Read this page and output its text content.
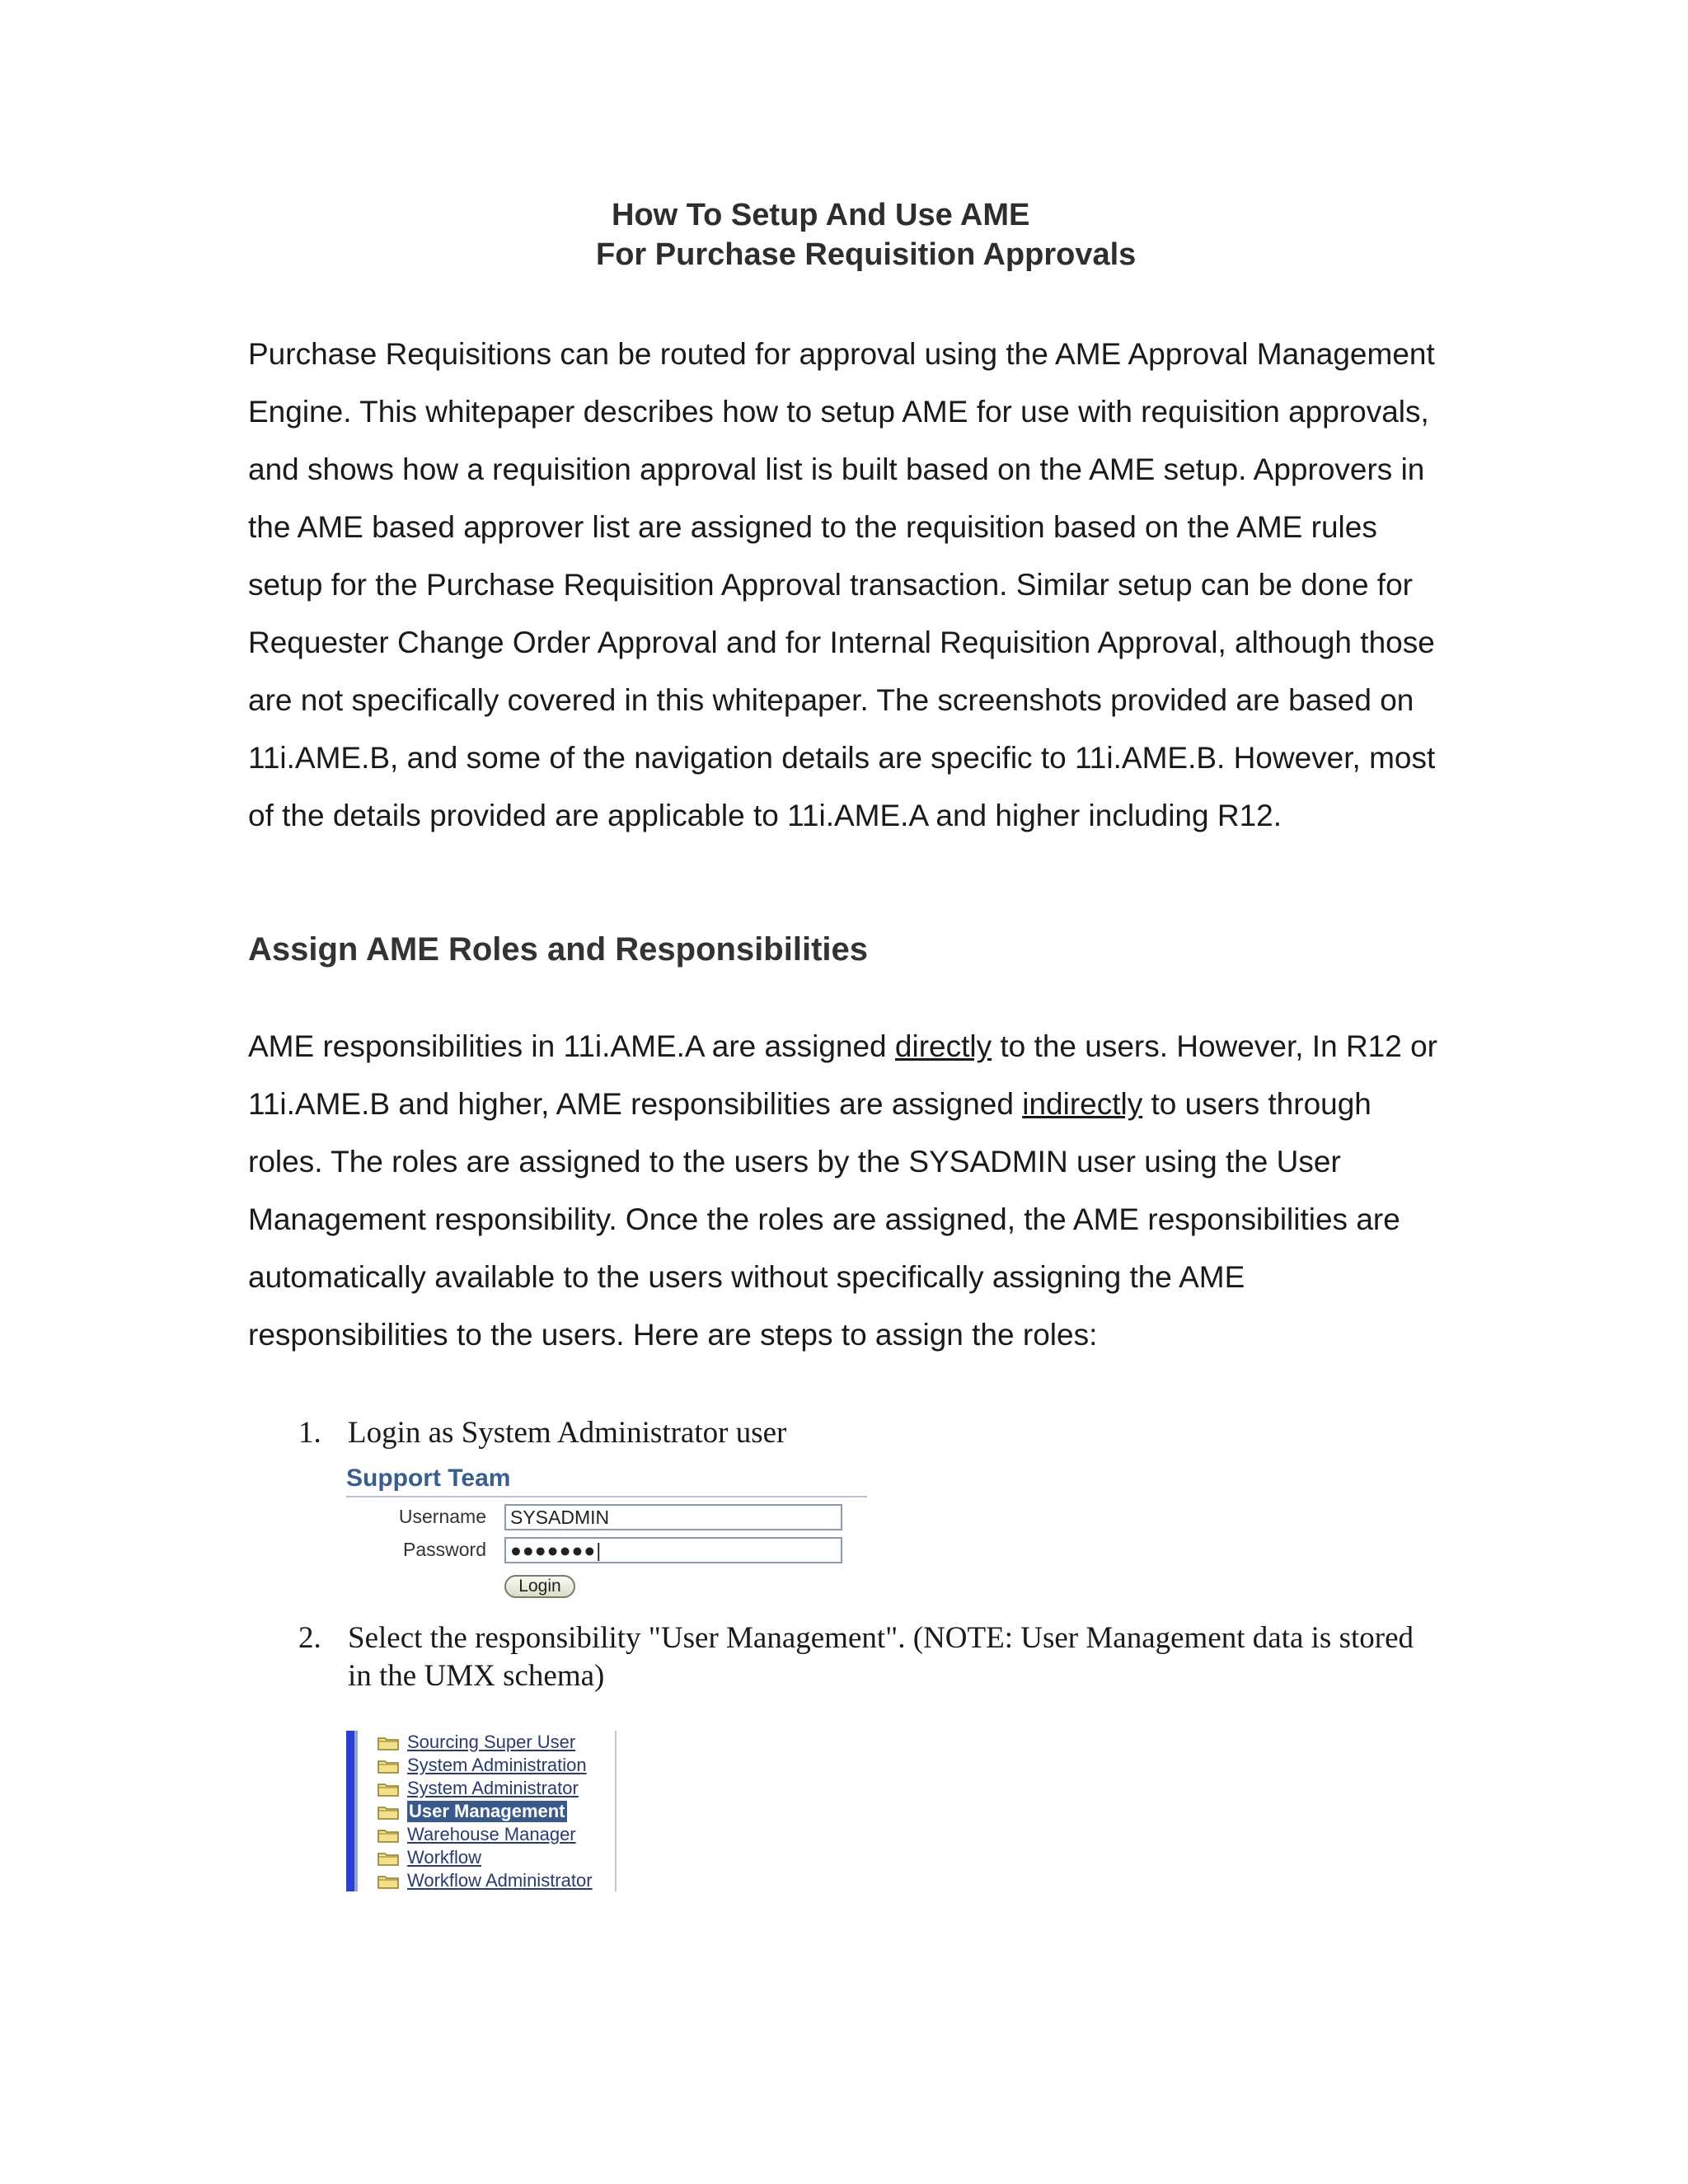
How To Setup And Use AME
For Purchase Requisition Approvals

Purchase Requisitions can be routed for approval using the AME Approval Management Engine. This whitepaper describes how to setup AME for use with requisition approvals, and shows how a requisition approval list is built based on the AME setup. Approvers in the AME based approver list are assigned to the requisition based on the AME rules setup for the Purchase Requisition Approval transaction. Similar setup can be done for Requester Change Order Approval and for Internal Requisition Approval, although those are not specifically covered in this whitepaper. The screenshots provided are based on 11i.AME.B, and some of the navigation details are specific to 11i.AME.B. However, most of the details provided are applicable to 11i.AME.A and higher including R12.

Assign AME Roles and Responsibilities

AME responsibilities in 11i.AME.A are assigned directly to the users. However, In R12 or 11i.AME.B and higher, AME responsibilities are assigned indirectly to users through roles. The roles are assigned to the users by the SYSADMIN user using the User Management responsibility. Once the roles are assigned, the AME responsibilities are automatically available to the users without specifically assigning the AME responsibilities to the users. Here are steps to assign the roles:

1. Login as System Administrator user
Support Team
Username	SYSADMIN
Password	●●●●●●●|
Login
2. Select the responsibility "User Management". (NOTE: User Management data is stored in the UMX schema)
Sourcing Super User
System Administration
System Administrator
User Management
Warehouse Manager
Workflow
Workflow Administrator
